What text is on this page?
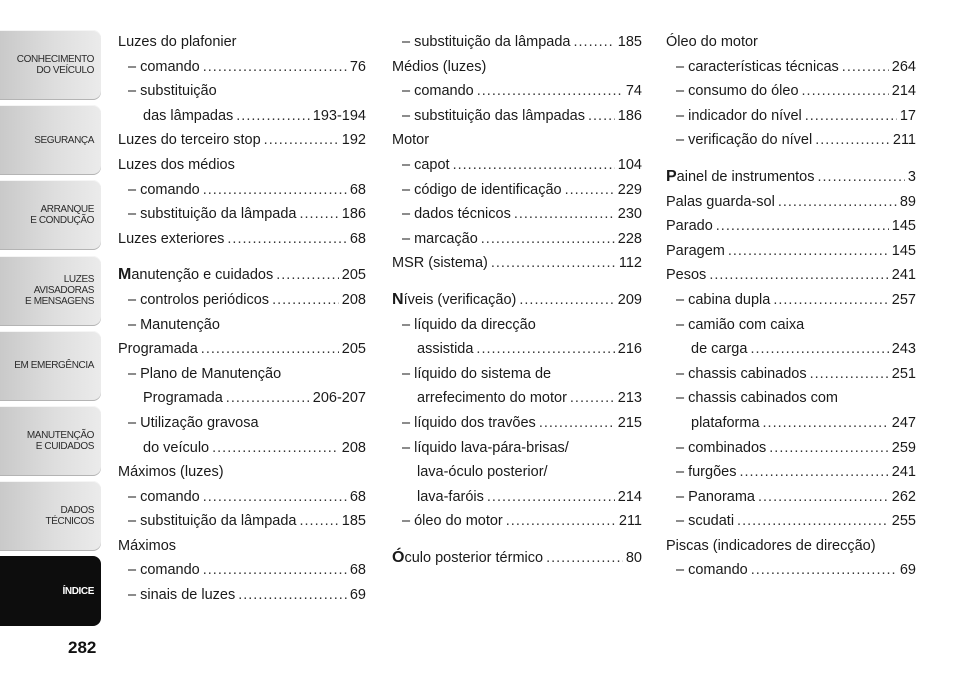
CONHECIMENTO
DO VEÍCULO
SEGURANÇA
ARRANQUE
E CONDUÇÃO
LUZES
AVISADORAS
E MENSAGENS
EM EMERGÊNCIA
MANUTENÇÃO
E CUIDADOS
DADOS
TÉCNICOS
ÍNDICE
282
Luzes do plafonier
– comando .....	76
– substituição
das lâmpadas .....	193-194
Luzes do terceiro stop .....	192
Luzes dos médios
– comando .....	68
– substituição da lâmpada .....	186
Luzes exteriores .....	68
Manutenção e cuidados .....	205
– controlos periódicos .....	208
– Manutenção
Programada .....	205
– Plano de Manutenção
Programada .....	206-207
– Utilização gravosa
do veículo .....	208
Máximos (luzes)
– comando .....	68
– substituição da lâmpada .....	185
Máximos
– comando .....	68
– sinais de luzes .....	69
– substituição da lâmpada .....	185
Médios (luzes)
– comando .....	74
– substituição das lâmpadas ..... 186
Motor
– capot .....	104
– código de identificação .....	229
– dados técnicos .....	230
– marcação .....	228
MSR (sistema) .....	112
Níveis (verificação) .....	209
– líquido da direcção
assistida .....	216
– líquido do sistema de
arrefecimento do motor .....	213
– líquido dos travões .....	215
– líquido lava-pára-brisas/
lava-óculo posterior/
lava-faróis .....	214
– óleo do motor .....	211
Óculo posterior térmico .....	80
Óleo do motor
– características técnicas .....	264
– consumo do óleo .....	214
– indicador do nível .....	17
– verificação do nível .....	211
Painel de instrumentos .....	3
Palas guarda-sol .....	89
Parado .....	145
Paragem .....	145
Pesos .....	241
– cabina dupla .....	257
– camião com caixa
de carga .....	243
– chassis cabinados .....	251
– chassis cabinados com
plataforma .....	247
– combinados .....	259
– furgões .....	241
– Panorama .....	262
– scudati .....	255
Piscas (indicadores de direcção)
– comando .....	69
